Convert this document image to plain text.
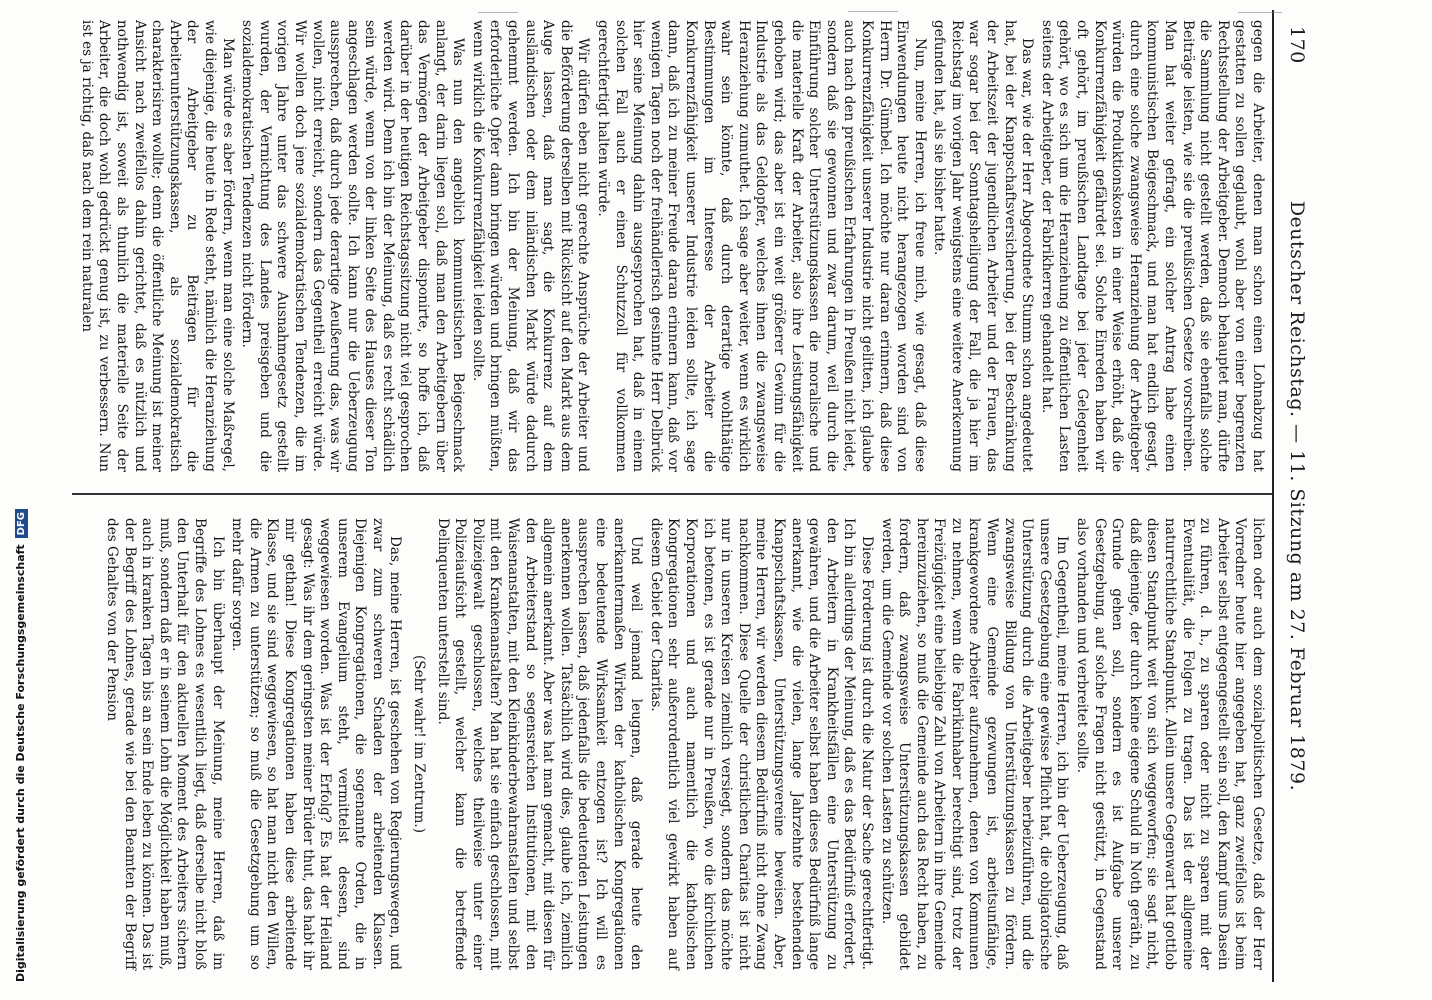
170
Deutscher Reichstag. — 11. Sitzung am 27. Februar 1879.

gegen die Arbeiter, denen man schon einen Lohnabzug hat gestatten zu sollen geglaubt, wohl aber von einer begrenzten Rechtsstellung der Arbeitgeber. Dennoch behauptet man, dürfte die Sammlung nicht gestellt werden, daß sie ebenfalls solche Beiträge leisten, wie sie die preußischen Gesetze vorschreiben. Man hat weiter gefragt, ein solcher Antrag habe einen kommunistischen Beigeschmack, und man hat endlich gesagt, durch eine solche zwangsweise Heranziehung der Arbeitgeber würden die Produktionskosten in einer Weise erhöht, daß die Konkurrenzfähigkeit gefährdet sei. Solche Einreden haben wir oft gehört, im preußischen Landtage bei jeder Gelegenheit gehört, wo es sich um die Heranziehung zu öffentlichen Lasten seitens der Arbeitgeber, der Fabrikherren gehandelt hat.

Das war, wie der Herr Abgeordnete Stumm schon angedeutet hat, bei der Knappschaftsversicherung, bei der Beschränkung der Arbeitszeit der jugendlichen Arbeiter und der Frauen, das war sogar bei der Sonntagsheiligung der Fall, die ja hier im Reichstag im vorigen Jahr wenigstens eine weitere Anerkennung gefunden hat, als sie bisher hatte.

Nun, meine Herren, ich freue mich, wie gesagt, daß diese Einwendungen heute nicht herangezogen worden sind von Herrn Dr. Gümbel. Ich möchte nur daran erinnern, daß diese Konkurrenzfähigkeit unserer Industrie nicht gelitten, ich glaube auch nach den preußischen Erfahrungen in Preußen nicht leidet, sondern daß sie gewonnen und zwar darum, weil durch die Einführung solcher Unterstützungskassen die moralische und die materielle Kraft der Arbeiter, also ihre Leistungsfähigkeit gehoben wird; das aber ist ein weit größerer Gewinn für die Industrie als das Geldopfer, welches ihnen die zwangsweise Heranziehung zumuthet. Ich sage aber weiter, wenn es wirklich wahr sein könnte, daß durch derartige wohlthätige Bestimmungen im Interesse der Arbeiter die Konkurrenzfähigkeit unserer Industrie leiden sollte, ich sage dann, daß ich zu meiner Freude daran erinnern kann, daß vor wenigen Tagen noch der freihändlerisch gesinnte Herr Delbrück hier seine Meinung dahin ausgesprochen hat, daß in einem solchen Fall auch er einen Schutzzoll für vollkommen gerechtfertigt halten würde.

Wir dürfen eben nicht gerechte Ansprüche der Arbeiter und die Beförderung derselben mit Rücksicht auf den Markt aus dem Auge lassen, daß man sagt, die Konkurrenz auf dem ausländischen oder dem inländischen Markt würde dadurch gehemmt werden. Ich bin der Meinung, daß wir das erforderliche Opfer dann bringen würden und bringen müßten, wenn wirklich die Konkurrenzfähigkeit leiden sollte.

Was nun den angeblich kommunistischen Beigeschmack anlangt, der darin liegen soll, daß man den Arbeitgebern über das Vermögen der Arbeitgeber disponirte, so hoffe ich, daß darüber in der heutigen Reichstagssitzung nicht viel gesprochen werden wird. Denn ich bin der Meinung, daß es recht schädlich sein würde, wenn von der linken Seite des Hauses dieser Ton angeschlagen werden sollte. Ich kann nur die Ueberzeugung aussprechen, daß durch jede derartige Aeußerung das, was wir wollen, nicht erreicht, sondern das Gegentheil erreicht würde. Wir wollen doch jene sozialdemokratischen Tendenzen, die im vorigen Jahre unter das schwere Ausnahmegesetz gestellt wurden, der Vernichtung des Landes preisgeben und die sozialdemokratischen Tendenzen nicht fördern.

Man würde es aber fördern, wenn man eine solche Maßregel, wie diejenige, die heute in Rede steht, nämlich die Heranziehung der Arbeitgeber zu Beiträgen für die Arbeiterunterstützungskassen, als sozialdemokratisch charakterisiren wollte; denn die öffentliche Meinung ist meiner Ansicht nach zweifellos dahin gerichtet, daß es nützlich und nothwendig ist, soweit als thunlich die materielle Seite der Arbeiter, die doch wohl gedrückt genug ist, zu verbessern. Nun ist es ja richtig, daß nach dem rein naturalen

lichen oder auch dem sozialpolitischen Gesetze, daß der Herr Vorredner heute hier angegeben hat, ganz zweifellos ist beim Arbeiter selbst entgegengestellt sein soll, den Kampf ums Dasein zu führen, d. h., zu sparen oder nicht zu sparen mit der Eventualität, die Folgen zu tragen. Das ist der allgemeine naturrechtliche Standpunkt. Allein unsere Gegenwart hat gottlob diesen Standpunkt weit von sich weggeworfen; sie sagt nicht, daß diejenige, der durch keine eigene Schuld in Noth geräth, zu Grunde gehen soll, sondern es ist Aufgabe unserer Gesetzgebung, auf solche Fragen nicht gestützt, in Gegenstand also vorhanden und verbreitet sollte.

Im Gegentheil, meine Herren, ich bin der Ueberzeugung, daß unsere Gesetzgebung eine gewisse Pflicht hat, die obligatorische Unterstützung durch die Arbeitgeber herbeizuführen, und die zwangsweise Bildung von Unterstützungskassen zu fördern. Wenn eine Gemeinde gezwungen ist, arbeitsunfähige, krankgewordene Arbeiter aufzunehmen, denen von Kommunen zu nehmen, wenn die Fabrikinhaber berechtigt sind, trotz der Freizügigkeit eine beliebige Zahl von Arbeitern in ihre Gemeinde hereinzuziehen, so muß die Gemeinde auch das Recht haben, zu fordern, daß zwangsweise Unterstützungskassen gebildet werden, um die Gemeinde vor solchen Lasten zu schützen.

Diese Forderung ist durch die Natur der Sache gerechtfertigt. Ich bin allerdings der Meinung, daß es das Bedürfniß erfordert, den Arbeitern in Krankheitsfällen eine Unterstützung zu gewähren, und die Arbeiter selbst haben dieses Bedürfniß lange anerkannt, wie die vielen, lange Jahrzehnte bestehenden Knappschaftskassen, Unterstützungsvereine beweisen. Aber, meine Herren, wir werden diesem Bedürfniß nicht ohne Zwang nachkommen. Diese Quelle der christlichen Charitas ist nicht nur in unseren Kreisen ziemlich versiegt, sondern das möchte ich betonen, es ist gerade nur in Preußen, wo die kirchlichen Korporationen und auch namentlich die katholischen Kongregationen sehr außerordentlich viel gewirkt haben auf diesem Gebiet der Charitas.

Und weil jemand leugnen, daß gerade heute den anerkanntermaßen Wirken der katholischen Kongregationen eine bedeutende Wirksamkeit entzogen ist? Ich will es aussprechen lassen, daß jedenfalls die bedeutenden Leistungen anerkennen wollen. Tatsächlich wird dies, glaube ich, ziemlich allgemein anerkannt. Aber was hat man gemacht, mit diesen für den Arbeiterstand so segensreichen Institutionen, mit den Waisenanstalten, mit den Kleinkinderbewahranstalten und selbst mit den Krankenanstalten? Man hat sie einfach geschlossen, mit Polizeigewalt geschlossen, welches theilweise unter einer Polizeiaufsicht gestellt, welcher kann die betreffende Delinquenten unterstellt sind.

(Sehr wahr! im Zentrum.)

Das, meine Herren, ist geschehen von Regierungswegen, und zwar zum schweren Schaden der arbeitenden Klassen. Diejenigen Kongregationen, die sogenannte Orden, die in unserem Evangelium steht, vermittelst dessen, sind weggewiesen worden. Was ist der Erfolg? Es hat der Heiland gesagt: Was ihr dem geringsten meiner Brüder thut, das habt ihr mir gethan! Diese Kongregationen haben diese arbeitende Klasse, und sie sind weggewiesen, so hat man nicht den Willen, die Armen zu unterstützen; so muß die Gesetzgebung um so mehr dafür sorgen.

Ich bin überhaupt der Meinung, meine Herren, daß im Begriffe des Lohnes es wesentlich liegt, daß derselbe nicht bloß den Unterhalt für den aktuellen Moment des Arbeiters sichern muß, sondern daß er in seinem Lohn die Möglichkeit haben muß, auch in kranken Tagen bis an sein Ende leben zu können. Das ist der Begriff des Lohnes, gerade wie bei den Beamten der Begriff des Gehaltes von der Pension

Digitalisierung gefördert durch die Deutsche ForschungsgemeinschaftDFG
